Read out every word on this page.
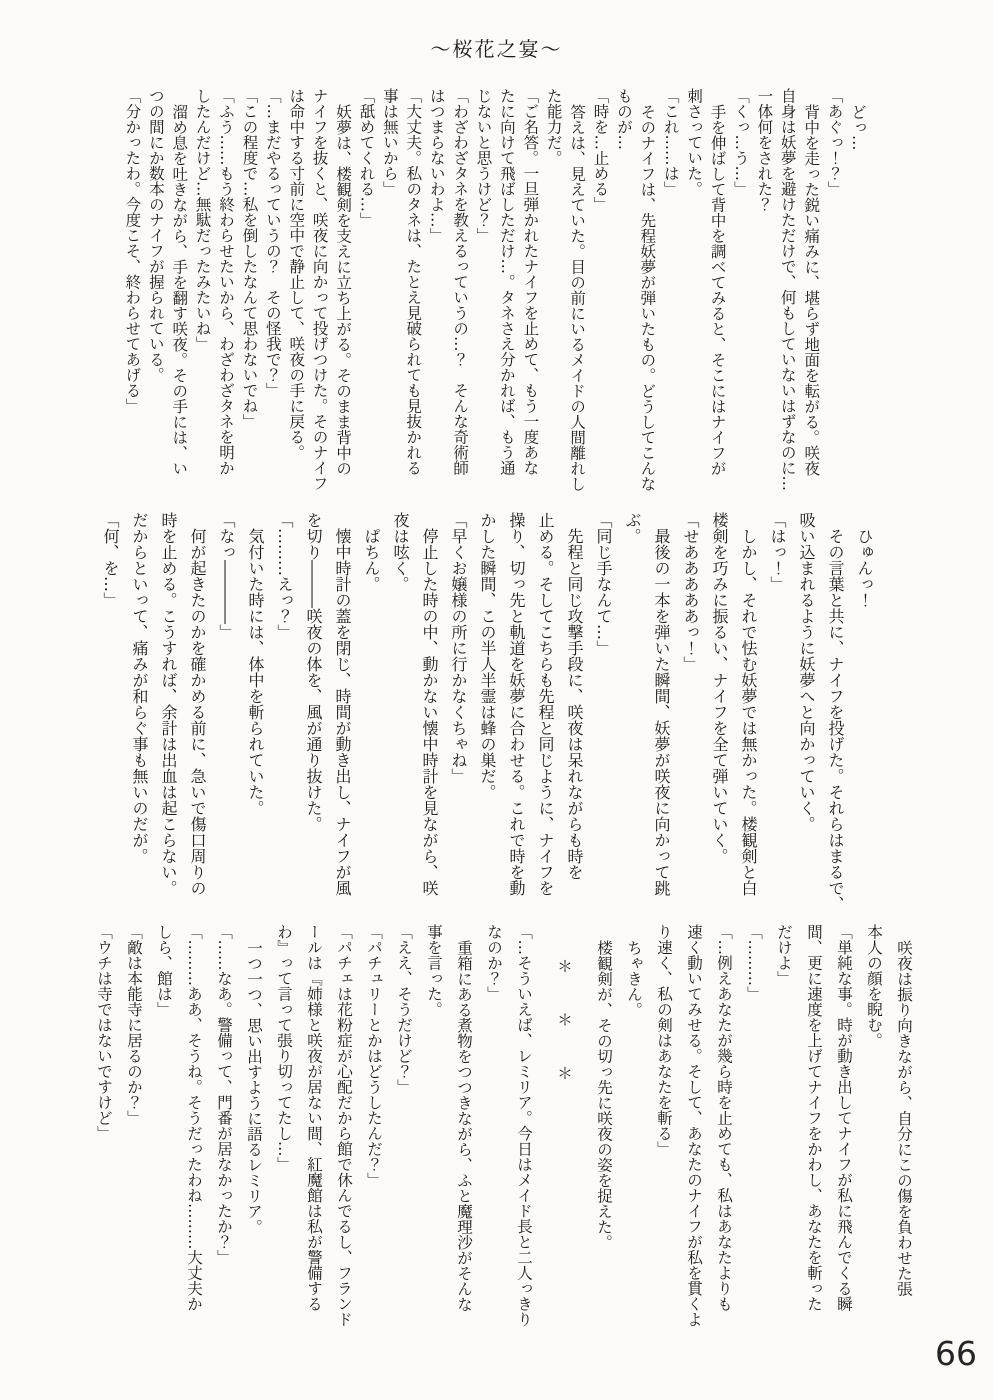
～桜花之宴～
どっ…
「あぐっ！？」
背中を走った鋭い痛みに、堪らず地面を転がる。咲夜
自身は妖夢を避けただけで、何もしていないはずなのに…
一体何をされた？
「くっ…う…」
手を伸ばして背中を調べてみると、そこにはナイフが
刺さっていた。
「これ……は」
そのナイフは、先程妖夢が弾いたもの。どうしてこんな
ものが…
「時を…止める」
答えは、見えていた。目の前にいるメイドの人間離れし
た能力だ。
「ご名答。一旦弾かれたナイフを止めて、もう一度あな
たに向けて飛ばしただけ…。タネさえ分かれば、もう通
じないと思うけど？」
「わざわざタネを教えるっていうの…？　そんな奇術師
はつまらないわよ…」
「大丈夫。私のタネは、たとえ見破られても見抜かれる
事は無いから」
「舐めてくれる…」
妖夢は、楼観剣を支えに立ち上がる。そのまま背中の
ナイフを抜くと、咲夜に向かって投げつけた。そのナイフ
は命中する寸前に空中で静止して、咲夜の手に戻る。
「…まだやるっていうの？　その怪我で？」
「この程度で…私を倒したなんて思わないでね」
「ふう……もう終わらせたいから、わざわざタネを明か
したんだけど…無駄だったみたいね」
溜め息を吐きながら、手を翻す咲夜。その手には、い
つの間にか数本のナイフが握られている。
「分かったわ。今度こそ、終わらせてあげる」
ひゅんっ！
その言葉と共に、ナイフを投げた。それらはまるで、
吸い込まれるように妖夢へと向かっていく。
「はっ！」
しかし、それで怯む妖夢では無かった。楼観剣と白
楼剣を巧みに振るい、ナイフを全て弾いていく。
「せあああああっ！」
最後の一本を弾いた瞬間、妖夢が咲夜に向かって跳
ぶ。
「同じ手なんて…」
先程と同じ攻撃手段に、咲夜は呆れながらも時を
止める。そしてこちらも先程と同じように、ナイフを
操り、切っ先と軌道を妖夢に合わせる。これで時を動
かした瞬間、この半人半霊は蜂の巣だ。
「早くお嬢様の所に行かなくちゃね」
停止した時の中、動かない懐中時計を見ながら、咲
夜は呟く。
ぱちん。
懐中時計の蓋を閉じ、時間が動き出し、ナイフが風
を切り―――咲夜の体を、風が通り抜けた。
「………えっ？」
気付いた時には、体中を斬られていた。
「なっ――――」
何が起きたのかを確かめる前に、急いで傷口周りの
時を止める。こうすれば、余計は出血は起こらない。
だからといって、痛みが和らぐ事も無いのだが。
「何、を…」
咲夜は振り向きながら、自分にこの傷を負わせた張
本人の顔を睨む。
「単純な事。時が動き出してナイフが私に飛んでくる瞬
間、更に速度を上げてナイフをかわし、あなたを斬った
だけよ」
「………」
「…例えあなたが幾ら時を止めても、私はあなたよりも
速く動いてみせる。そして、あなたのナイフが私を貫くよ
り速く、私の剣はあなたを斬る」
ちゃきん。
楼観剣が、その切っ先に咲夜の姿を捉えた。
＊　　＊　　＊
「…そういえば、レミリア。今日はメイド長と二人っきり
なのか？」
重箱にある煮物をつつきながら、ふと魔理沙がそんな
事を言った。
「ええ、そうだけど？」
「パチュリーとかはどうしたんだ？」
「パチェは花粉症が心配だから館で休んでるし、フランド
ールは『姉様と咲夜が居ない間、紅魔館は私が警備する
わ』って言って張り切ってたし…」
一つ一つ、思い出すように語るレミリア。
「……なあ。警備って、門番が居なかったか？」
「………ああ、そうね。そうだったわね………大丈夫か
しら、館は」
「敵は本能寺に居るのか？」
「ウチは寺ではないですけど」
66
